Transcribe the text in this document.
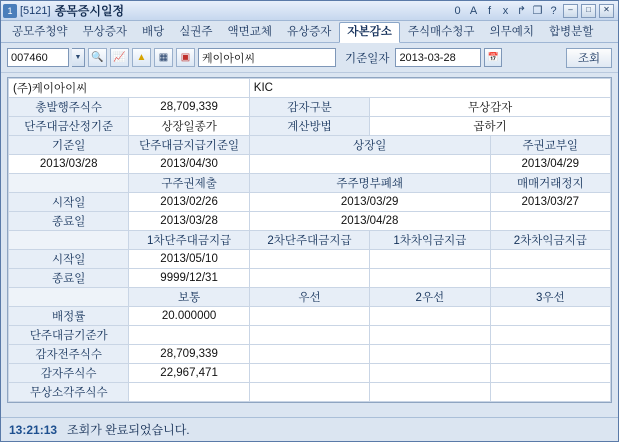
1 [5121] 종목증시일정	0 A f	x ↱ ❐ ?	–	□	✕
공모주청약	무상증자	배당	실권주	액면교체	유상증자	자본감소	주식매수청구	의무예치	합병분할
007460	▼ 🔍 📈	▲	▦	▣	케이아이씨	기준일자 2013-03-28	📅	조회
(주)케이아이씨		KIC		
총발행주식수	28,709,339	감자구분	무상감자	
단주대금산정기준	상장일종가	계산방법	곱하기	
기준일	단주대금지급기준일	상장일		주권교부일
2013/03/28	2013/04/30			2013/04/29
	구주권제출	주주명부폐쇄		매매거래정지
시작일	2013/02/26	2013/03/29		2013/03/27
종료일	2013/03/28	2013/04/28		
	1차단주대금지급	2차단주대금지급	1차차익금지급	2차차익금지급
시작일	2013/05/10			
종료일	9999/12/31			
	보통	우선	2우선	3우선
배정률	20.000000			
단주대금기준가				
감자전주식수	28,709,339			
감자주식수	22,967,471			
무상소각주식수				
13:21:13 조회가 완료되었습니다.
